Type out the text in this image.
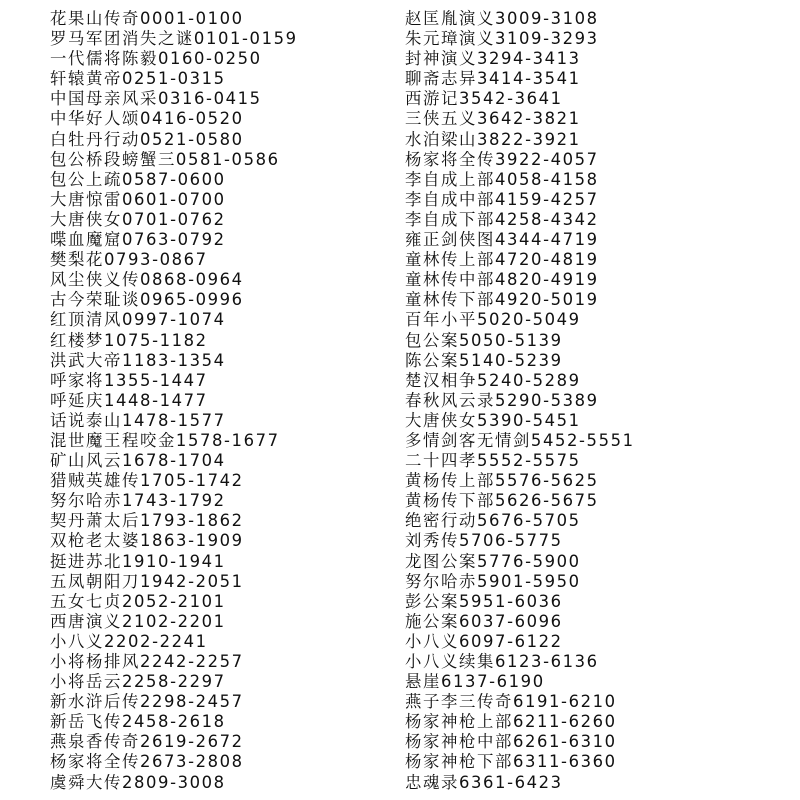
花果山传奇0001-0100
罗马军团消失之谜0101-0159
一代儒将陈毅0160-0250
轩辕黄帝0251-0315
中国母亲风采0316-0415
中华好人颂0416-0520
白牡丹行动0521-0580
包公桥段螃蟹三0581-0586
包公上疏0587-0600
大唐惊雷0601-0700
大唐侠女0701-0762
喋血魔窟0763-0792
樊梨花0793-0867
风尘侠义传0868-0964
古今荣耻谈0965-0996
红顶清风0997-1074
红楼梦1075-1182
洪武大帝1183-1354
呼家将1355-1447
呼延庆1448-1477
话说泰山1478-1577
混世魔王程咬金1578-1677
矿山风云1678-1704
猎贼英雄传1705-1742
努尔哈赤1743-1792
契丹萧太后1793-1862
双枪老太婆1863-1909
挺进苏北1910-1941
五凤朝阳刀1942-2051
五女七贞2052-2101
西唐演义2102-2201
小八义2202-2241
小将杨排风2242-2257
小将岳云2258-2297
新水浒后传2298-2457
新岳飞传2458-2618
燕泉香传奇2619-2672
杨家将全传2673-2808
虞舜大传2809-3008
赵匡胤演义3009-3108
朱元璋演义3109-3293
封神演义3294-3413
聊斋志异3414-3541
西游记3542-3641
三侠五义3642-3821
水泊梁山3822-3921
杨家将全传3922-4057
李自成上部4058-4158
李自成中部4159-4257
李自成下部4258-4342
雍正剑侠图4344-4719
童林传上部4720-4819
童林传中部4820-4919
童林传下部4920-5019
百年小平5020-5049
包公案5050-5139
陈公案5140-5239
楚汉相争5240-5289
春秋风云录5290-5389
大唐侠女5390-5451
多情剑客无情剑5452-5551
二十四孝5552-5575
黄杨传上部5576-5625
黄杨传下部5626-5675
绝密行动5676-5705
刘秀传5706-5775
龙图公案5776-5900
努尔哈赤5901-5950
彭公案5951-6036
施公案6037-6096
小八义6097-6122
小八义续集6123-6136
悬崖6137-6190
燕子李三传奇6191-6210
杨家神枪上部6211-6260
杨家神枪中部6261-6310
杨家神枪下部6311-6360
忠魂录6361-6423
